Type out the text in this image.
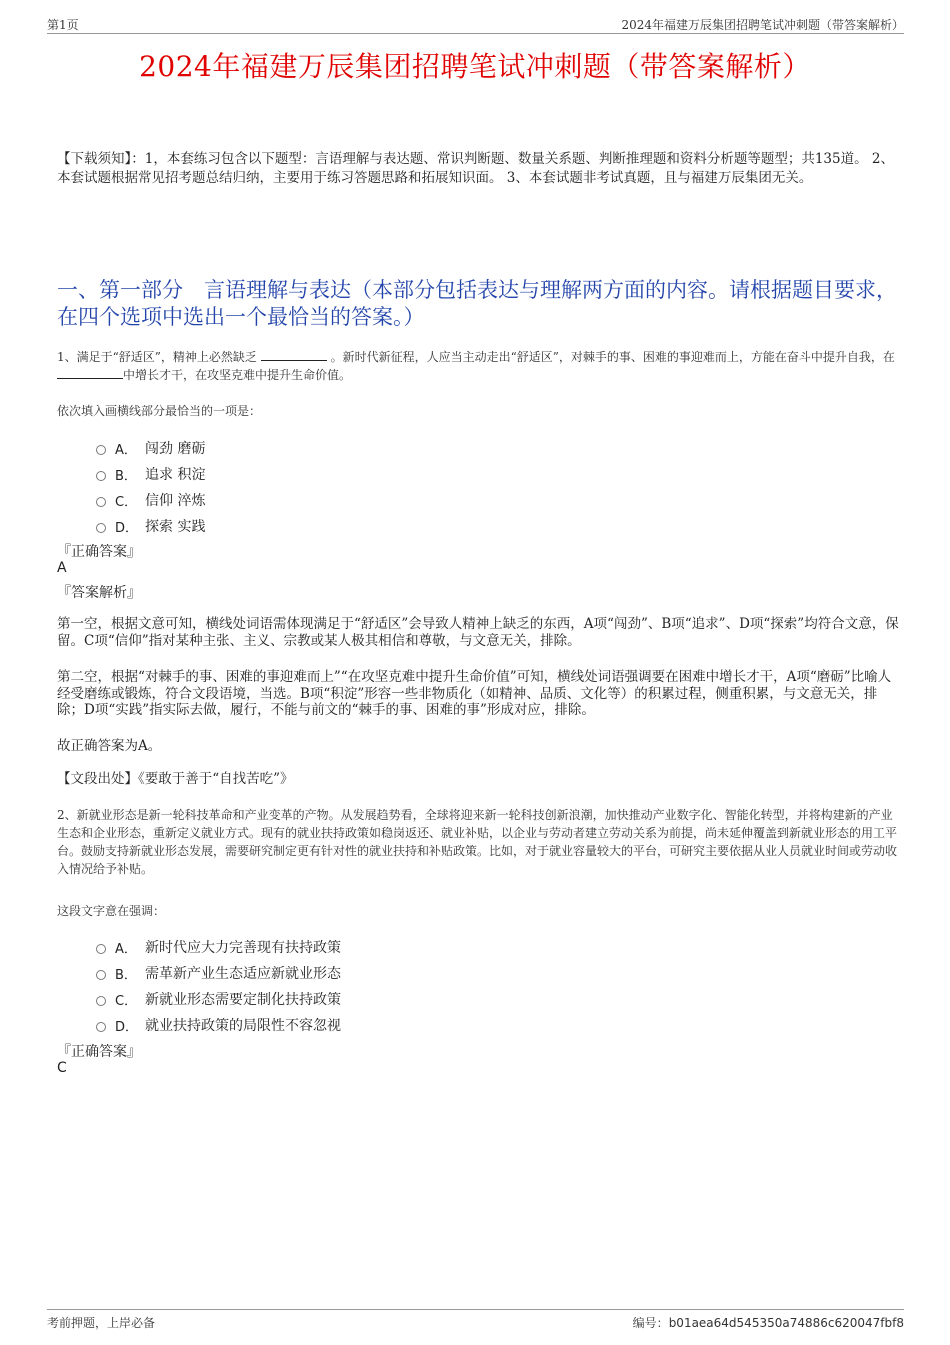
第1页	2024年福建万辰集团招聘笔试冲刺题（带答案解析）
2024年福建万辰集团招聘笔试冲刺题（带答案解析）

【下载须知】：1，本套练习包含以下题型：言语理解与表达题、常识判断题、数量关系题、判断推理题和资料分析题等题型；共135道。 2、本套试题根据常见招考题总结归纳，主要用于练习答题思路和拓展知识面。 3、本套试题非考试真题，且与福建万辰集团无关。

一、第一部分　言语理解与表达（本部分包括表达与理解两方面的内容。请根据题目要求，在四个选项中选出一个最恰当的答案。）

1、满足于“舒适区”，精神上必然缺乏	。新时代新征程，人应当主动走出“舒适区”，对棘手的事、困难的事迎难而上，方能在奋斗中提升自我，在 中增长才干，在攻坚克难中提升生命价值。

依次填入画横线部分最恰当的一项是：

A． 闯劲 磨砺
B． 追求 积淀
C． 信仰 淬炼
D． 探索 实践

『正确答案』

A

『答案解析』

第一空，根据文意可知，横线处词语需体现满足于“舒适区”会导致人精神上缺乏的东西，A项“闯劲”、B项“追求”、D项“探索”均符合文意，保留。C项“信仰”指对某种主张、主义、宗教或某人极其相信和尊敬，与文意无关，排除。

第二空，根据“对棘手的事、困难的事迎难而上”“在攻坚克难中提升生命价值”可知，横线处词语强调要在困难中增长才干，A项“磨砺”比喻人经受磨练或锻炼，符合文段语境，当选。B项“积淀”形容一些非物质化（如精神、品质、文化等）的积累过程，侧重积累，与文意无关，排除；D项“实践”指实际去做，履行，不能与前文的“棘手的事、困难的事”形成对应，排除。

故正确答案为A。

【文段出处】《要敢于善于“自找苦吃”》

2、新就业形态是新一轮科技革命和产业变革的产物。从发展趋势看，全球将迎来新一轮科技创新浪潮，加快推动产业数字化、智能化转型，并将构建新的产业生态和企业形态，重新定义就业方式。现有的就业扶持政策如稳岗返还、就业补贴，以企业与劳动者建立劳动关系为前提，尚未延伸覆盖到新就业形态的用工平台。鼓励支持新就业形态发展，需要研究制定更有针对性的就业扶持和补贴政策。比如，对于就业容量较大的平台，可研究主要依据从业人员就业时间或劳动收入情况给予补贴。

这段文字意在强调：

A． 新时代应大力完善现有扶持政策
B． 需革新产业生态适应新就业形态
C． 新就业形态需要定制化扶持政策
D． 就业扶持政策的局限性不容忽视

『正确答案』

C

考前押题，上岸必备	编号：b01aea64d545350a74886c620047fbf8
